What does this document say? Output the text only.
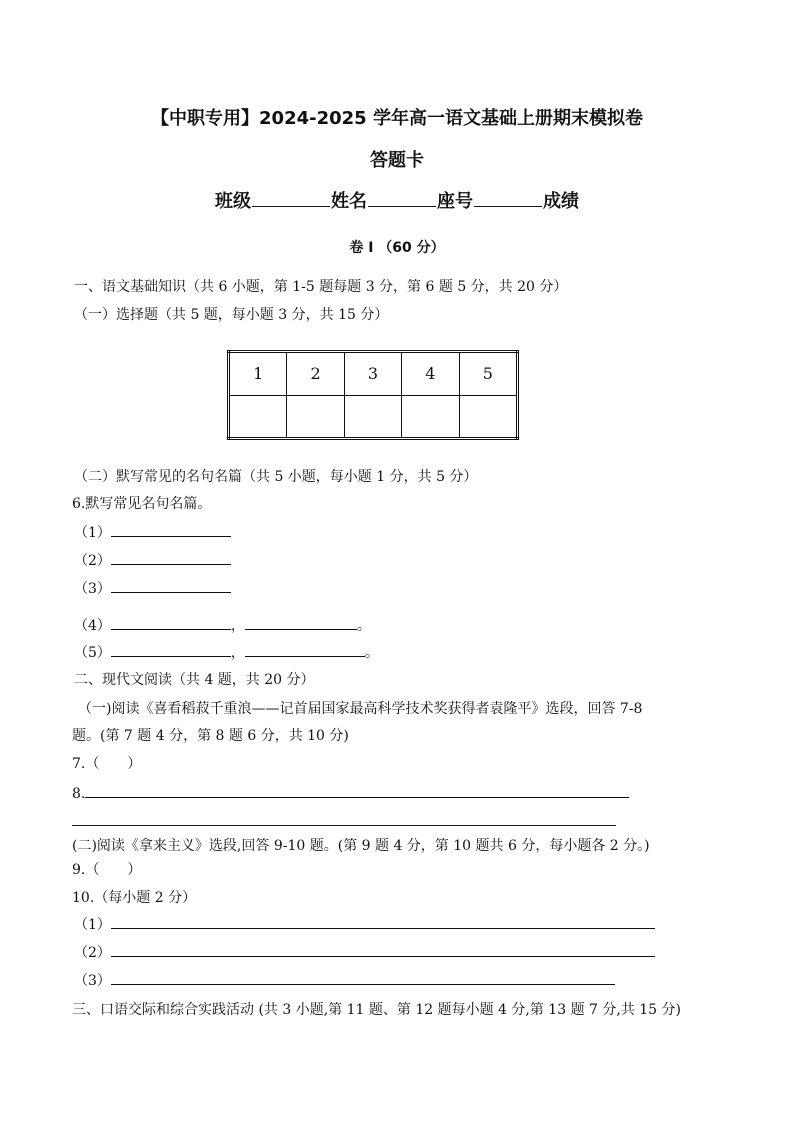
【中职专用】2024-2025 学年高一语文基础上册期末模拟卷
答题卡
班级	姓名	座号	成绩
卷 I （60 分）
一、语文基础知识（共 6 小题，第 1-5 题每题 3 分，第 6 题 5 分，共 20 分）
（一）选择题（共 5 题，每小题 3 分，共 15 分）
1	2	3	4	5

（二）默写常见的名句名篇（共 5 小题，每小题 1 分，共 5 分）
6.默写常见名句名篇。
（1）
（2）
（3）
（4）	，	。
（5）	，	。
二、现代文阅读（共 4 题，共 20 分）
（一)阅读《喜看稻菽千重浪——记首届国家最高科学技术奖获得者袁隆平》选段，回答 7-8
题。(第 7 题 4 分，第 8 题 6 分，共 10 分)
7.（　　）
8.
(二)阅读《拿来主义》选段,回答 9-10 题。(第 9 题 4 分，第 10 题共 6 分，每小题各 2 分。)
9.（　　）
10.（每小题 2 分）
（1）
（2）
（3）
三、口语交际和综合实践活动 (共 3 小题,第 11 题、第 12 题每小题 4 分,第 13 题 7 分,共 15 分)
